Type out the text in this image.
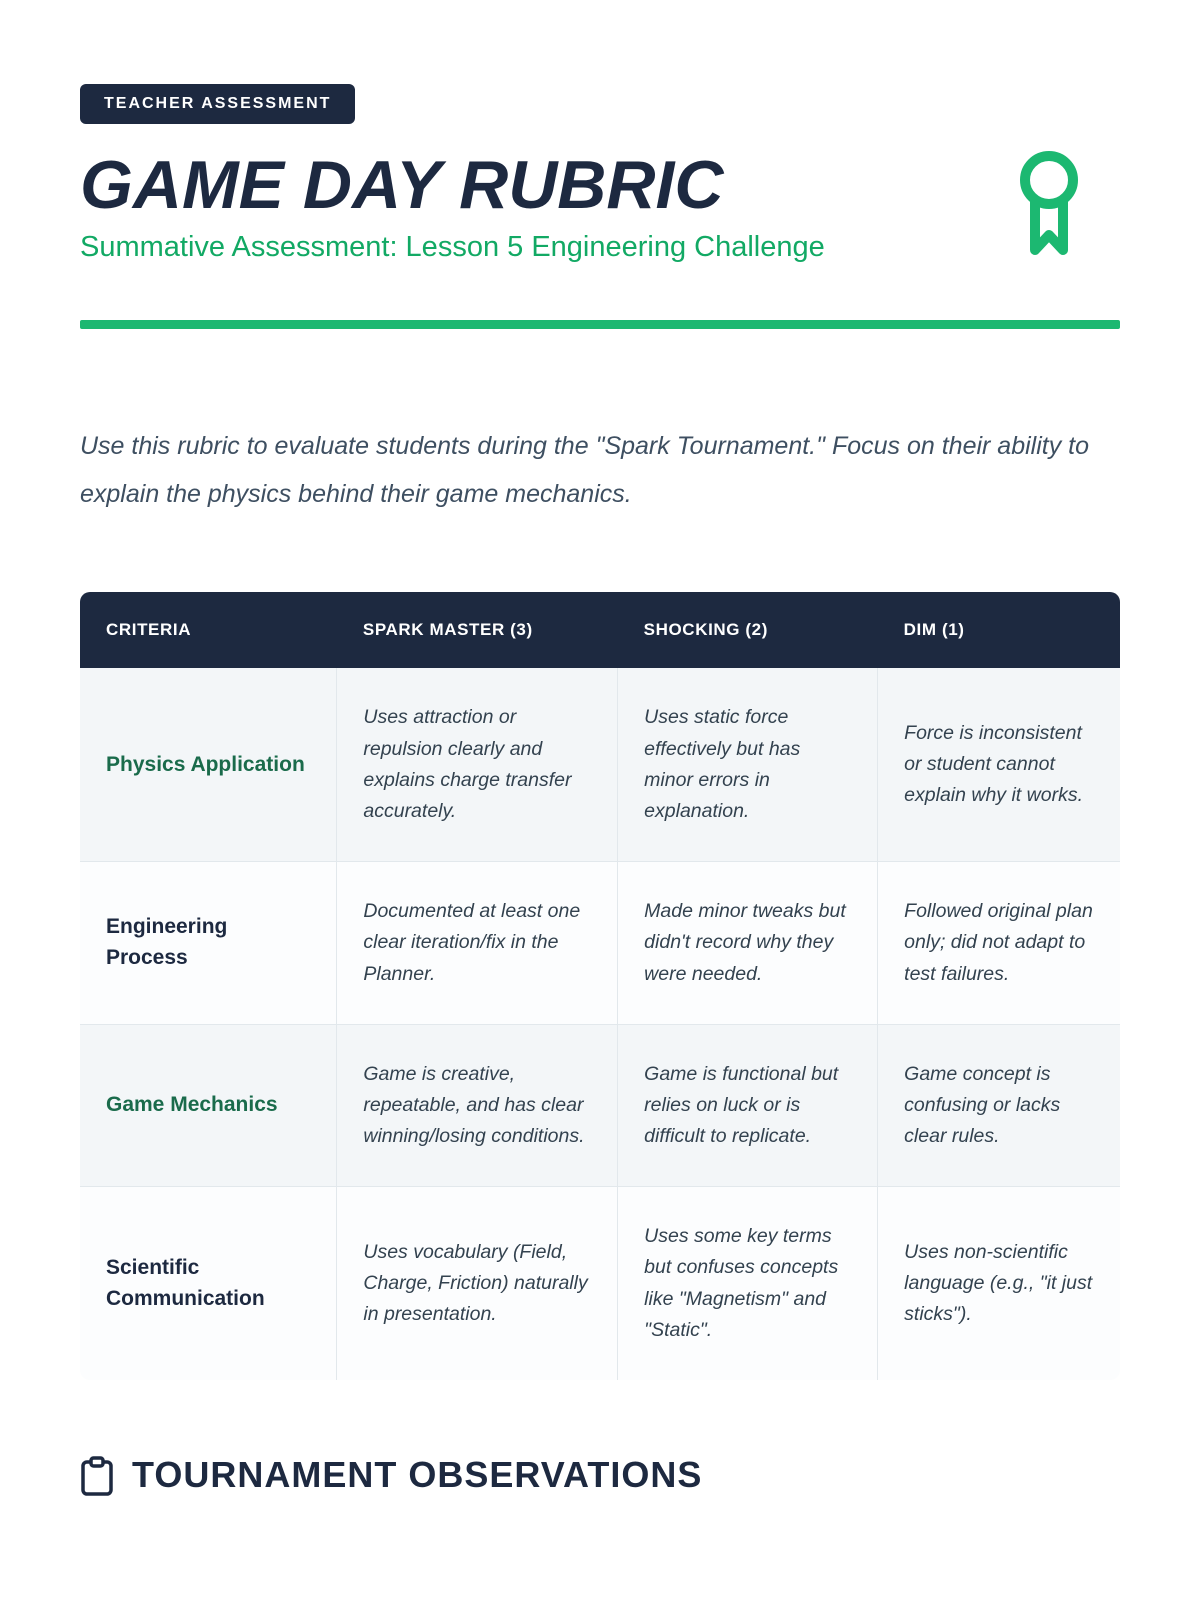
TEACHER ASSESSMENT
GAME DAY RUBRIC
Summative Assessment: Lesson 5 Engineering Challenge

Use this rubric to evaluate students during the "Spark Tournament." Focus on their ability to explain the physics behind their game mechanics.

CRITERIA	SPARK MASTER (3)	SHOCKING (2)	DIM (1)
Physics Application	Uses attraction or repulsion clearly and explains charge transfer accurately.	Uses static force effectively but has minor errors in explanation.	Force is inconsistent or student cannot explain why it works.
Engineering Process	Documented at least one clear iteration/fix in the Planner.	Made minor tweaks but didn't record why they were needed.	Followed original plan only; did not adapt to test failures.
Game Mechanics	Game is creative, repeatable, and has clear winning/losing conditions.	Game is functional but relies on luck or is difficult to replicate.	Game concept is confusing or lacks clear rules.
Scientific Communication	Uses vocabulary (Field, Charge, Friction) naturally in presentation.	Uses some key terms but confuses concepts like "Magnetism" and "Static".	Uses non-scientific language (e.g., "it just sticks").
TOURNAMENT OBSERVATIONS
